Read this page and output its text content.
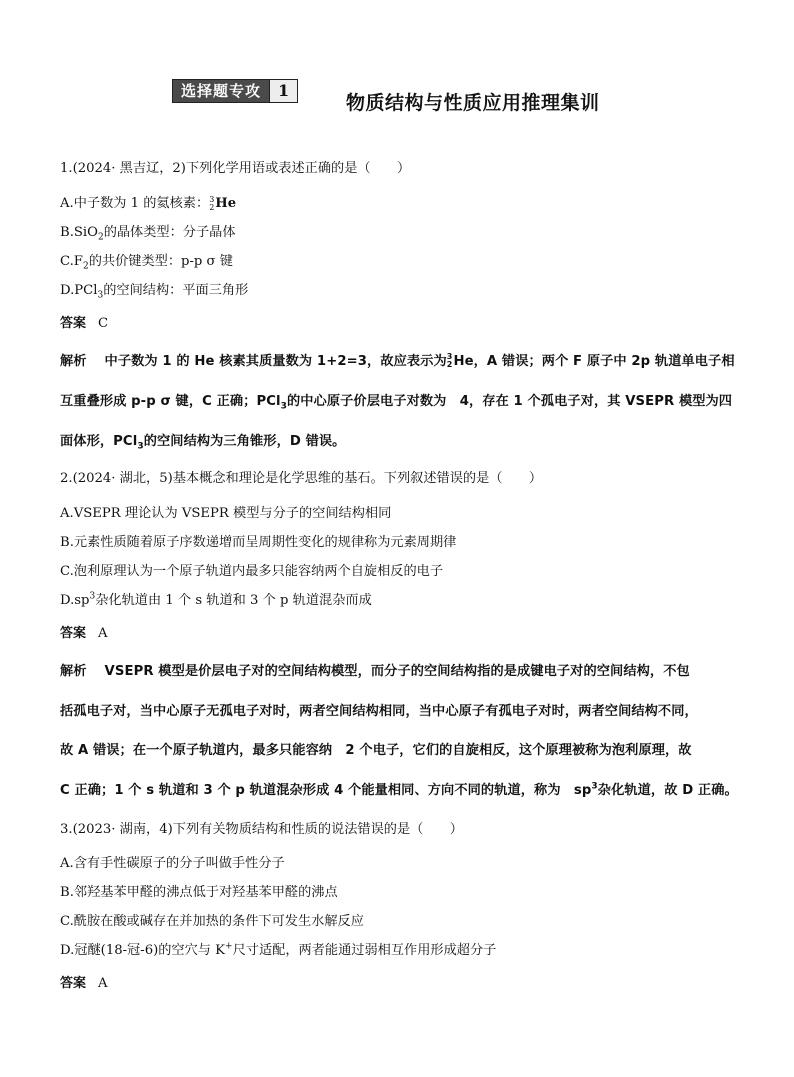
选择题专攻	1
物质结构与性质应用推理集训
1.(2024· 黑吉辽，2)下列化学用语或表述正确的是（　　）
A.中子数为 1 的氦核素： 3
2 He
B.SiO$_2$的晶体类型：分子晶体
$C.F_2$的共价键类型：p-p σ 键
D.PCl$_3$的空间结构：平面三角形
答案 C
解析　 中子数为 1 的 He 核素其质量数为 1+2=3，故应表示为 3
2 He，A 错误；两个 F 原子中 2p 轨道单电子相
互重叠形成 p-p σ 键，C 正确；PCl$_3$的中心原子价层电子对数为　4，存在 1 个孤电子对，其 VSEPR 模型为四
面体形，PCl$_3$的空间结构为三角锥形，D 错误。
2.(2024· 湖北，5)基本概念和理论是化学思维的基石。下列叙述错误的是（　　）
A.VSEPR 理论认为 VSEPR 模型与分子的空间结构相同
B.元素性质随着原子序数递增而呈周期性变化的规律称为元素周期律
C.泡利原理认为一个原子轨道内最多只能容纳两个自旋相反的电子
$D.sp^3$杂化轨道由 1 个 s 轨道和 3 个 p 轨道混杂而成
答案 A
解析　 VSEPR 模型是价层电子对的空间结构模型，而分子的空间结构指的是成键电子对的空间结构，不包
括孤电子对，当中心原子无孤电子对时，两者空间结构相同，当中心原子有孤电子对时，两者空间结构不同，
故 A 错误；在一个原子轨道内，最多只能容纳　2 个电子，它们的自旋相反，这个原理被称为泡利原理，故
C 正确；1 个 s 轨道和 3 个 p 轨道混杂形成 4 个能量相同、方向不同的轨道，称为　$sp^3$杂化轨道，故 D 正确。
3.(2023· 湖南，4)下列有关物质结构和性质的说法错误的是（　　）
A.含有手性碳原子的分子叫做手性分子
B.邻羟基苯甲醛的沸点低于对羟基苯甲醛的沸点
C.酰胺在酸或碱存在并加热的条件下可发生水解反应
D.冠醚(18-冠-6)的空穴与 K+尺寸适配，两者能通过弱相互作用形成超分子
答案 A
